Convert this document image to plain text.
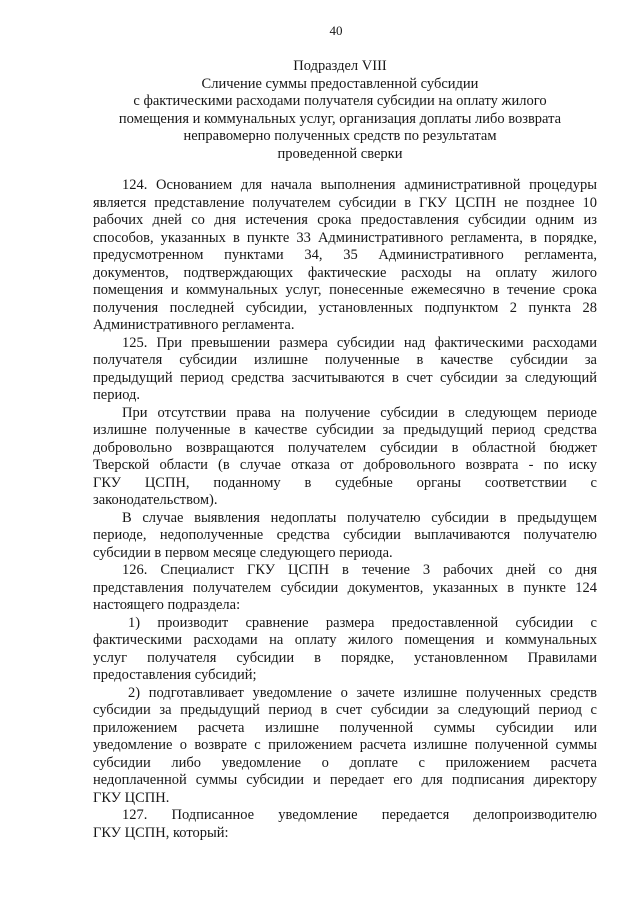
40
Подраздел VIII
Сличение суммы предоставленной субсидии
с фактическими расходами получателя субсидии на оплату жилого
помещения и коммунальных услуг, организация доплаты либо возврата
неправомерно полученных средств по результатам
проведенной сверки
124. Основанием для начала выполнения административной процедуры
является представление получателем субсидии в ГКУ ЦСПН не позднее 10
рабочих дней со дня истечения срока предоставления субсидии одним из
способов, указанных в пункте 33 Административного регламента, в порядке,
предусмотренном пунктами 34, 35 Административного регламента,
документов, подтверждающих фактические расходы на оплату жилого
помещения и коммунальных услуг, понесенные ежемесячно в течение срока
получения последней субсидии, установленных подпунктом 2 пункта 28
Административного регламента.
125. При превышении размера субсидии над фактическими расходами
получателя субсидии излишне полученные в качестве субсидии за
предыдущий период средства засчитываются в счет субсидии за следующий
период.
При отсутствии права на получение субсидии в следующем периоде
излишне полученные в качестве субсидии за предыдущий период средства
добровольно возвращаются получателем субсидии в областной бюджет
Тверской области (в случае отказа от добровольного возврата - по иску
ГКУ ЦСПН, поданному в судебные органы соответствии с
законодательством).
В случае выявления недоплаты получателю субсидии в предыдущем
периоде, недополученные средства субсидии выплачиваются получателю
субсидии в первом месяце следующего периода.
126. Специалист ГКУ ЦСПН в течение 3 рабочих дней со дня
представления получателем субсидии документов, указанных в пункте 124
настоящего подраздела:
1) производит сравнение размера предоставленной субсидии с
фактическими расходами на оплату жилого помещения и коммунальных
услуг получателя субсидии в порядке, установленном Правилами
предоставления субсидий;
2) подготавливает уведомление о зачете излишне полученных средств
субсидии за предыдущий период в счет субсидии за следующий период с
приложением расчета излишне полученной суммы субсидии или
уведомление о возврате с приложением расчета излишне полученной суммы
субсидии либо уведомление о доплате с приложением расчета
недоплаченной суммы субсидии и передает его для подписания директору
ГКУ ЦСПН.
127. Подписанное уведомление передается делопроизводителю
ГКУ ЦСПН, который:
